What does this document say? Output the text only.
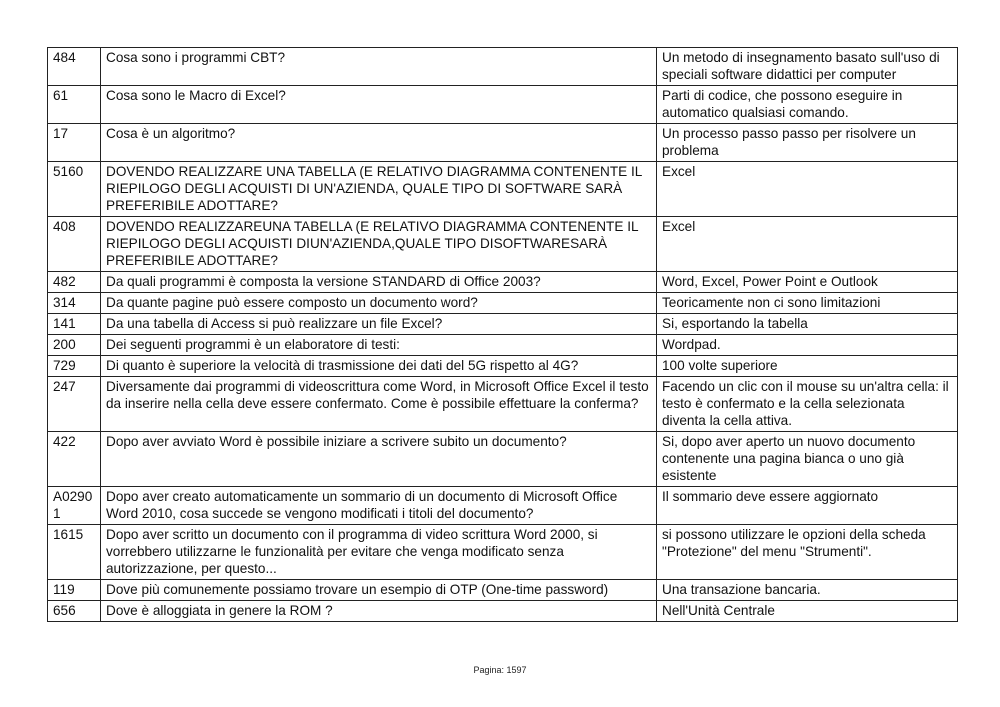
484	Cosa sono i programmi CBT?	Un metodo di insegnamento basato sull'uso di speciali software didattici per computer
61	Cosa sono le Macro di Excel?	Parti di codice, che possono eseguire in automatico qualsiasi comando.
17	Cosa è un algoritmo?	Un processo passo passo per risolvere un problema
5160	DOVENDO REALIZZARE UNA TABELLA (E RELATIVO DIAGRAMMA CONTENENTE IL RIEPILOGO DEGLI ACQUISTI DI UN'AZIENDA, QUALE TIPO DI SOFTWARE SARÀ PREFERIBILE ADOTTARE?	Excel
408	DOVENDO REALIZZAREUNA TABELLA (E RELATIVO DIAGRAMMA CONTENENTE IL RIEPILOGO DEGLI ACQUISTI DIUN'AZIENDA,QUALE TIPO DISOFTWARESARÀ PREFERIBILE ADOTTARE?	Excel
482	Da quali programmi è composta la versione STANDARD di Office 2003?	Word, Excel, Power Point e Outlook
314	Da quante pagine può essere composto un documento word?	Teoricamente non ci sono limitazioni
141	Da una tabella di Access si può realizzare un file Excel?	Si, esportando la tabella
200	Dei seguenti programmi è un elaboratore di testi:	Wordpad.
729	Di quanto è superiore la velocità di trasmissione dei dati del 5G rispetto al 4G?	100 volte superiore
247	Diversamente dai programmi di videoscrittura come Word, in Microsoft Office Excel il testo da inserire nella cella deve essere confermato. Come è possibile effettuare la conferma?	Facendo un clic con il mouse su un'altra cella: il testo è confermato e la cella selezionata diventa la cella attiva.
422	Dopo aver avviato Word è possibile iniziare a scrivere subito un documento?	Si, dopo aver aperto un nuovo documento contenente una pagina bianca o uno già esistente
A02901	Dopo aver creato automaticamente un sommario di un documento di Microsoft Office Word 2010, cosa succede se vengono modificati i titoli del documento?	Il sommario deve essere aggiornato
1615	Dopo aver scritto un documento con il programma di video scrittura Word 2000, si vorrebbero utilizzarne le funzionalità per evitare che venga modificato senza autorizzazione, per questo...	si possono utilizzare le opzioni della scheda "Protezione" del menu "Strumenti".
119	Dove più comunemente possiamo trovare un esempio di OTP (One-time password)	Una transazione bancaria.
656	Dove è alloggiata in genere la ROM ?	Nell'Unità Centrale
Pagina: 1597
